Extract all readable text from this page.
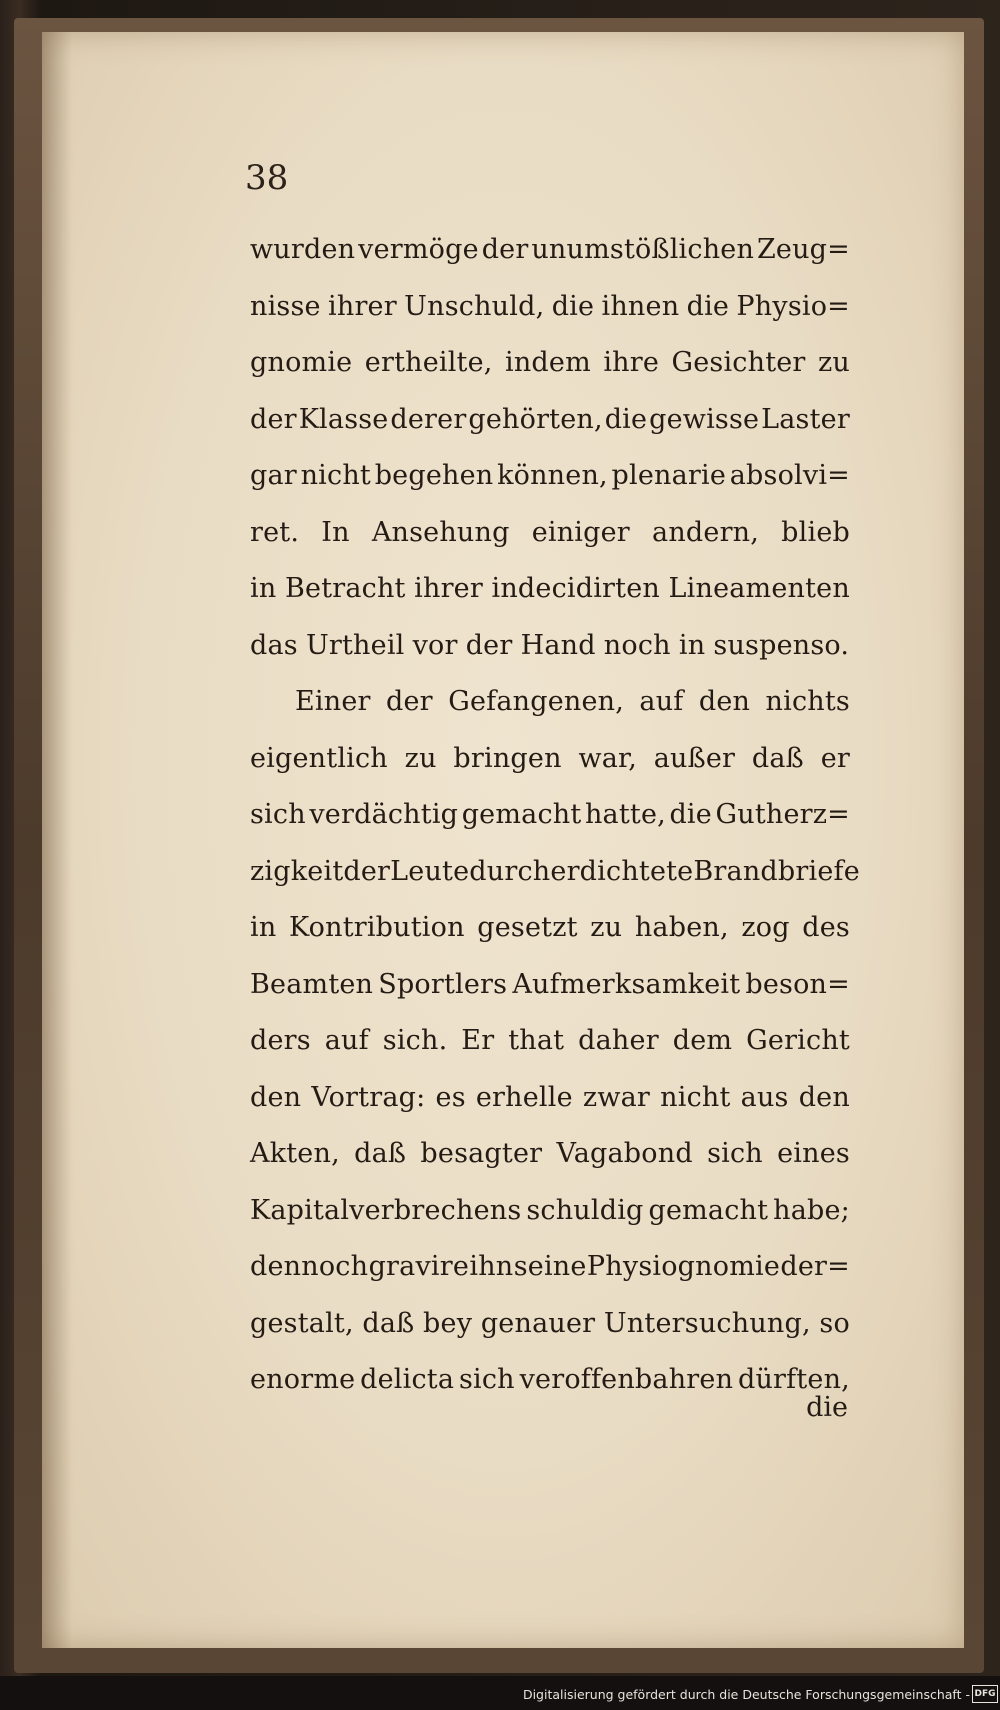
38
wurden vermöge der unumstößlichen Zeug=
nisse ihrer Unschuld, die ihnen die Physio=
gnomie ertheilte, indem ihre Gesichter zu
der Klasse derer gehörten, die gewisse Laster
gar nicht begehen können, plenarie absolvi=
ret. In Ansehung einiger andern, blieb
in Betracht ihrer indecidirten Lineamenten
das Urtheil vor der Hand noch in suspenso.
Einer der Gefangenen, auf den nichts
eigentlich zu bringen war, außer daß er
sich verdächtig gemacht hatte, die Gutherz=
zigkeit der Leute durch erdichtete Brandbriefe
in Kontribution gesetzt zu haben, zog des
Beamten Sportlers Aufmerksamkeit beson=
ders auf sich. Er that daher dem Gericht
den Vortrag: es erhelle zwar nicht aus den
Akten, daß besagter Vagabond sich eines
Kapitalverbrechens schuldig gemacht habe;
dennoch gravire ihn seine Physiognomie der=
gestalt, daß bey genauer Untersuchung, so
enorme delicta sich veroffenbahren dürften,
die
Digitalisierung gefördert durch die Deutsche Forschungsgemeinschaft - DFG
